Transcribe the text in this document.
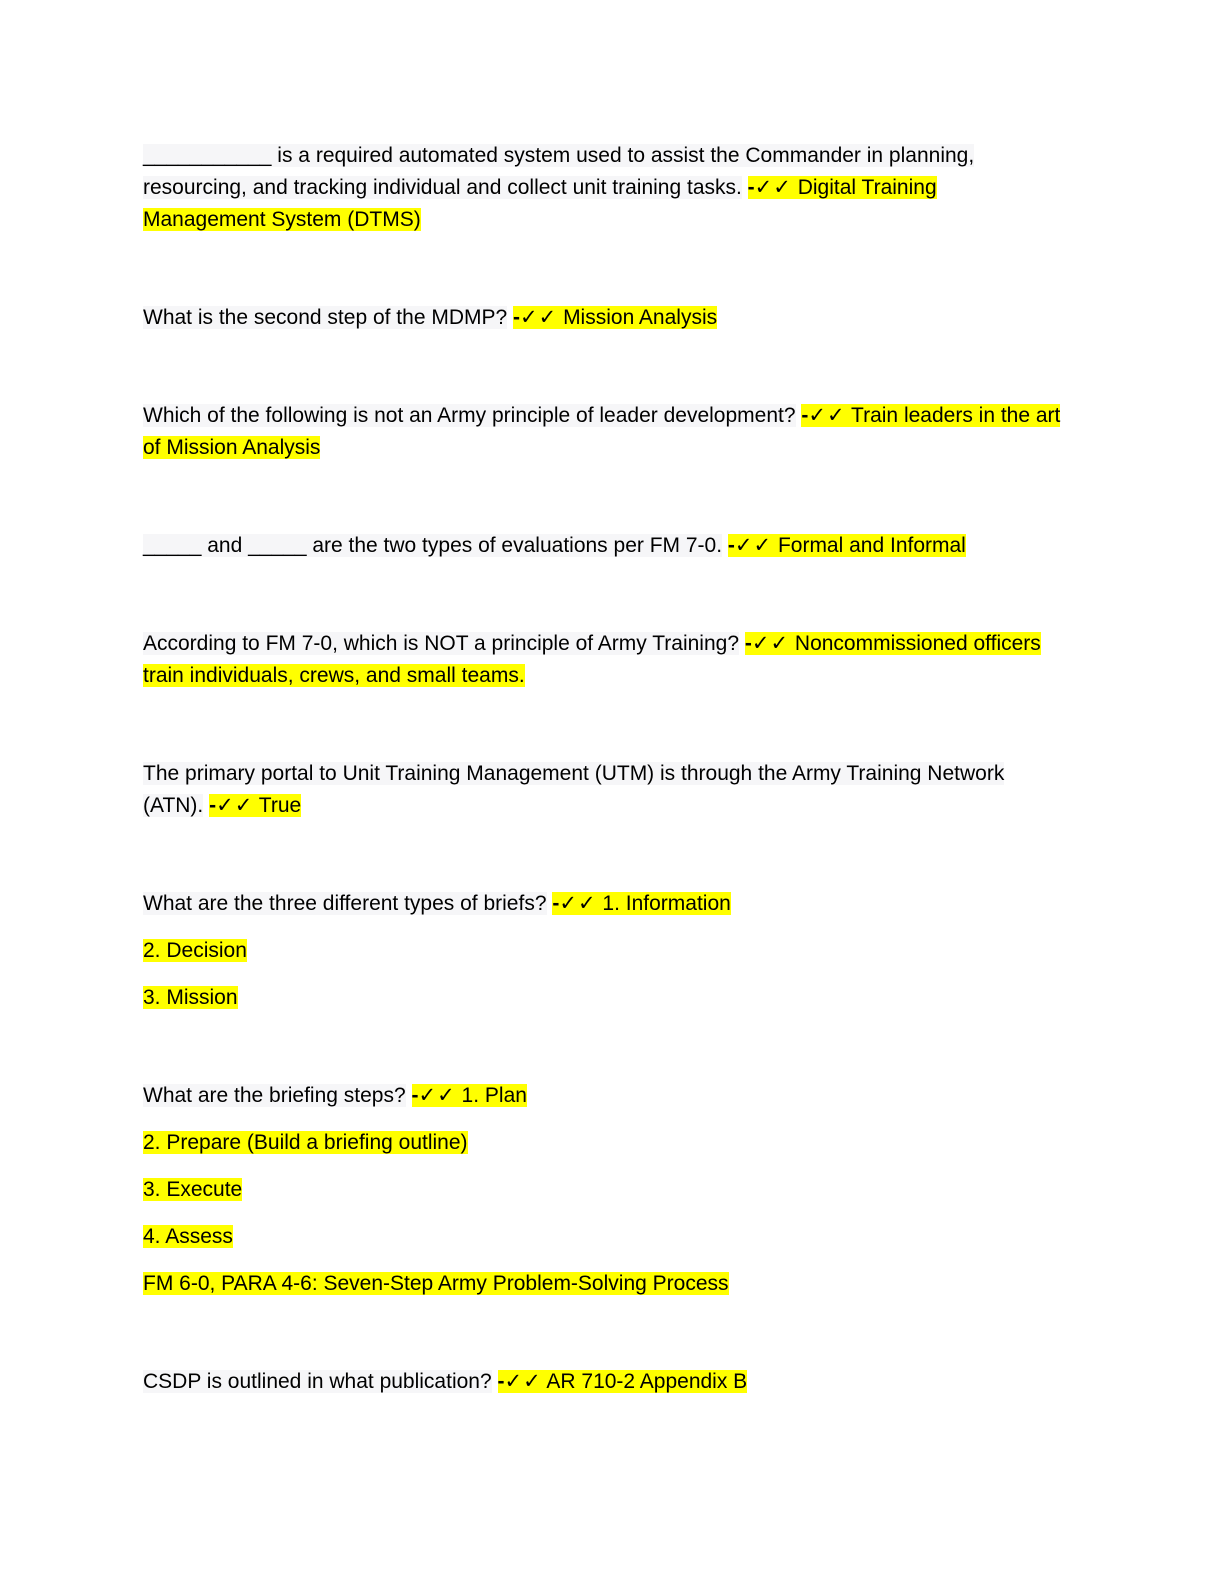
___________ is a required automated system used to assist the Commander in planning, resourcing, and tracking individual and collect unit training tasks. -✓✓ Digital Training Management System (DTMS)

What is the second step of the MDMP? -✓✓ Mission Analysis

Which of the following is not an Army principle of leader development? -✓✓ Train leaders in the art of Mission Analysis

_____ and _____ are the two types of evaluations per FM 7-0. -✓✓ Formal and Informal

According to FM 7-0, which is NOT a principle of Army Training? -✓✓ Noncommissioned officers train individuals, crews, and small teams.

The primary portal to Unit Training Management (UTM) is through the Army Training Network (ATN). -✓✓ True

What are the three different types of briefs? -✓✓ 1. Information

2. Decision

3. Mission

What are the briefing steps? -✓✓ 1. Plan

2. Prepare (Build a briefing outline)

3. Execute

4. Assess

FM 6-0, PARA 4-6: Seven-Step Army Problem-Solving Process

CSDP is outlined in what publication? -✓✓ AR 710-2 Appendix B
